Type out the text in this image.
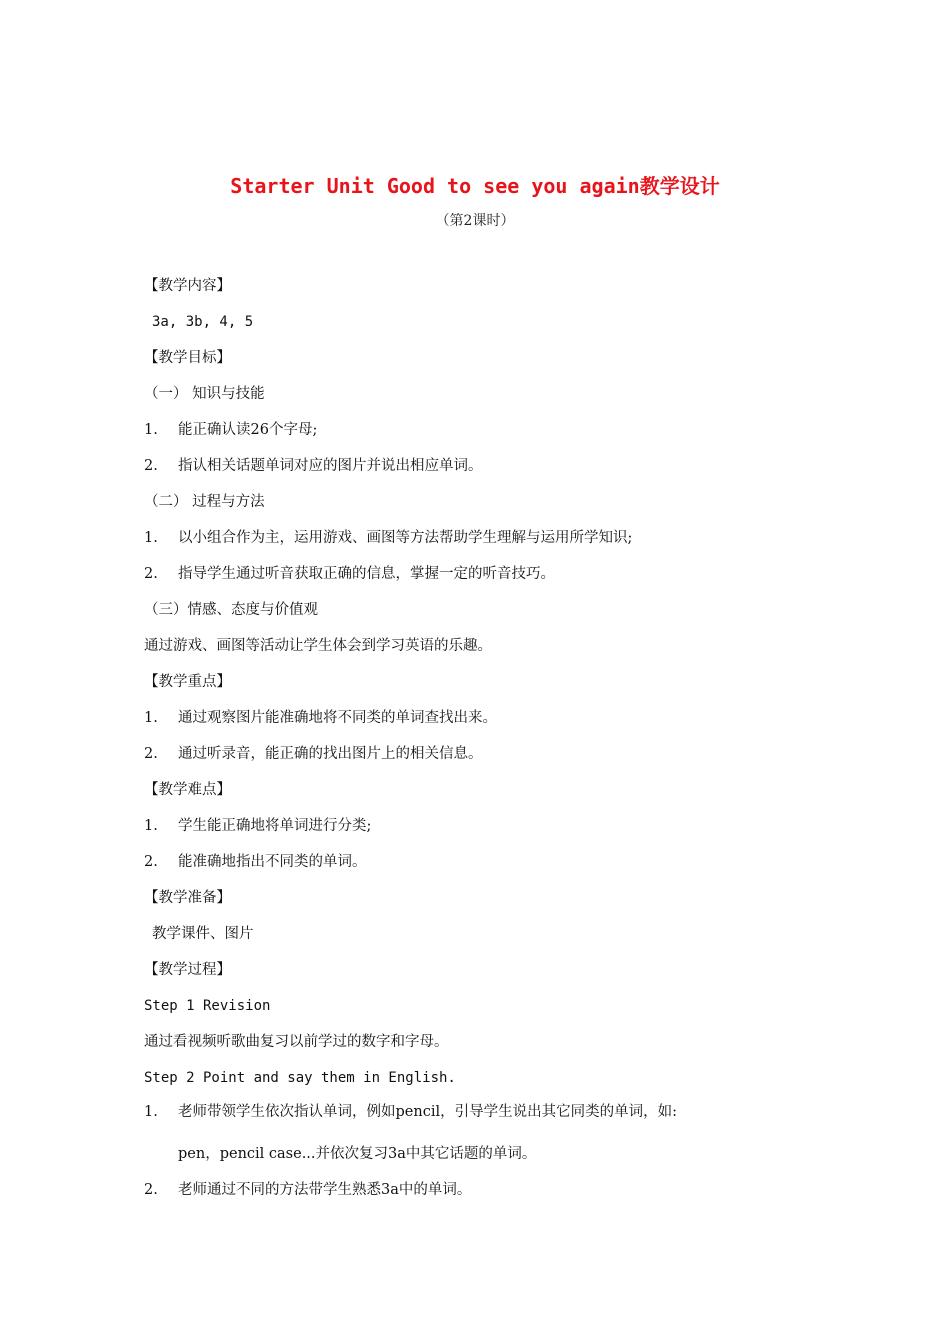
Starter Unit Good to see you again教学设计
（第2课时）
【教学内容】
3a, 3b, 4, 5
【教学目标】
（一） 知识与技能
1. 能正确认读26个字母;
2. 指认相关话题单词对应的图片并说出相应单词。
（二） 过程与方法
1. 以小组合作为主，运用游戏、画图等方法帮助学生理解与运用所学知识;
2. 指导学生通过听音获取正确的信息，掌握一定的听音技巧。
（三）情感、态度与价值观
通过游戏、画图等活动让学生体会到学习英语的乐趣。
【教学重点】
1. 通过观察图片能准确地将不同类的单词查找出来。
2. 通过听录音，能正确的找出图片上的相关信息。
【教学难点】
1. 学生能正确地将单词进行分类;
2. 能准确地指出不同类的单词。
【教学准备】
教学课件、图片
【教学过程】
Step 1 Revision
通过看视频听歌曲复习以前学过的数字和字母。
Step 2 Point and say them in English.
1. 老师带领学生依次指认单词，例如pencil，引导学生说出其它同类的单词，如:
pen，pencil case...并依次复习3a中其它话题的单词。
2. 老师通过不同的方法带学生熟悉3a中的单词。
